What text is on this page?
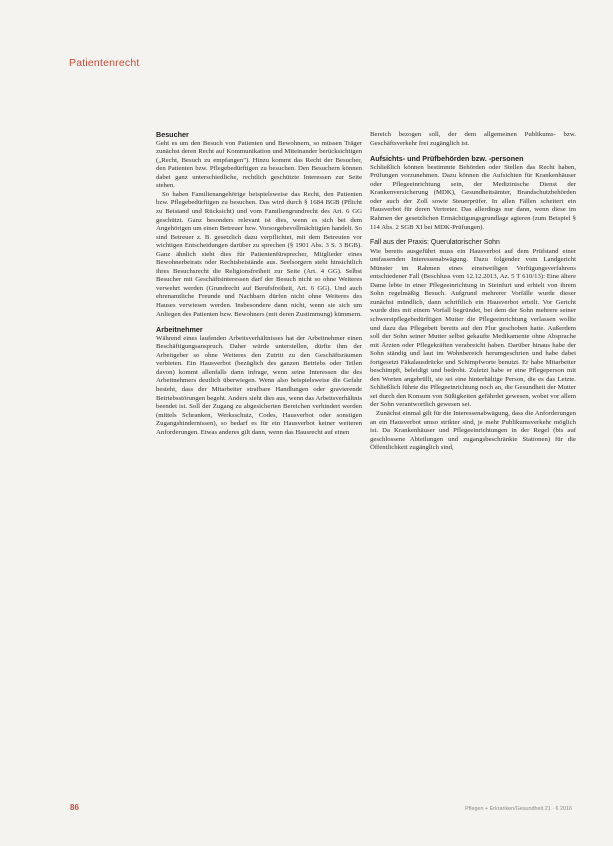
Patientenrecht
Besucher

Geht es um den Besuch von Patienten und Bewohnern, so müssen Träger zunächst deren Recht auf Kommunikation und Miteinander berücksichtigen („Recht, Besuch zu empfangen"). Hinzu kommt das Recht der Besucher, den Patienten bzw. Pflegebedürftigen zu besuchen. Den Besuchern können dabei ganz unterschiedliche, rechtlich geschützte Interessen zur Seite stehen.

So haben Familienangehörige beispielsweise das Recht, den Patienten bzw. Pflegebedürftigen zu besuchen. Das wird durch § 1684 BGB (Pflicht zu Beistand und Rücksicht) und vom Familiengrundrecht des Art. 6 GG geschützt. Ganz besonders relevant ist dies, wenn es sich bei dem Angehörigen um einen Betreuer bzw. Vorsorgebevollmächtigten handelt. So sind Betreuer z. B. gesetzlich dazu verpflichtet, mit dem Betreuten vor wichtigen Entscheidungen darüber zu sprechen (§ 1901 Abs. 3 S. 3 BGB). Ganz ähnlich sieht dies für Patientenfürsprecher, Mitglieder eines Bewohnerbeirats oder Rechtsbeistände aus. Seelsorgern steht hinsichtlich ihres Besuchsrecht die Religionsfreiheit zur Seite (Art. 4 GG). Selbst Besucher mit Geschäftsinteressen darf der Besuch nicht so ohne Weiteres verwehrt werden (Grundrecht auf Berufsfreiheit, Art. 6 GG). Und auch ehrenamtliche Freunde und Nachbarn dürfen nicht ohne Weiteres des Hauses verwiesen werden. Insbesondere dann nicht, wenn sie sich um Anliegen des Patienten bzw. Bewohners (mit deren Zustimmung) kümmern.

Arbeitnehmer

Während eines laufenden Arbeitsverhältnisses hat der Arbeitnehmer einen Beschäftigungsanspruch. Daher würde unterstellen, dürfte ihm der Arbeitgeber so ohne Weiteres den Zutritt zu den Geschäftsräumen verbieten. Ein Hausverbot (bezüglich des ganzen Betriebs oder Teilen davon) kommt allenfalls dann infrage, wenn seine Interessen die des Arbeitnehmers deutlich überwiegen. Wenn also beispielsweise die Gefahr besteht, dass der Mitarbeiter strafbare Handlungen oder gravierende Betriebsstörungen begeht. Anders sieht dies aus, wenn das Arbeitsverhältnis beendet ist. Soll der Zugang zu abgesicherten Bereichen verhindert werden (mittels Schranken, Werksschutz, Codes, Hausverbot oder sonstigen Zugangshindernissen), so bedarf es für ein Hausverbot keiner weiteren Anforderungen. Etwas anderes gilt dann, wenn das Hausrecht auf einen

Bereich bezogen soll, der dem allgemeinen Publikums- bzw. Geschäftsverkehr frei zugänglich ist.

Aufsichts- und Prüfbehörden bzw. -personen

Schließlich können bestimmte Behörden oder Stellen das Recht haben, Prüfungen vorzunehmen. Dazu können die Aufsichten für Krankenhäuser oder Pflegeeinrichtung sein, der Medizinische Dienst der Krankenversicherung (MDK), Gesundheitsämter, Brandschutzbehörden oder auch der Zoll sowie Steuerprüfer. In allen Fällen scheitert ein Hausverbot für deren Vertreter. Das allerdings nur dann, wenn diese im Rahmen der gesetzlichen Ermächtigungsgrundlage agieren (zum Beispiel § 114 Abs. 2 SGB XI bei MDK-Prüfungen).

Fall aus der Praxis: Querulatorischer Sohn

Wie bereits ausgeführt muss ein Hausverbot auf dem Prüfstand einer umfassenden Interessenabwägung. Dazu folgender vom Landgericht Münster im Rahmen eines einstweiligen Verfügungsverfahrens entschiedener Fall (Beschluss vom 12.12.2013, Az. 5 T 610/13): Eine ältere Dame lebte in einer Pflegeeinrichtung in Steinfurt und erhielt von ihrem Sohn regelmäßig Besuch. Aufgrund mehrerer Vorfälle wurde dieser zunächst mündlich, dann schriftlich ein Hausverbot erteilt. Vor Gericht wurde dies mit einem Vorfall begründet, bei dem der Sohn mehrere seiner schwerstpflegebedürftigen Mutter die Pflegeeinrichtung verlassen wollte und dazu das Pflegebett bereits auf den Flur geschoben hatte. Außerdem soll der Sohn seiner Mutter selbst gekaufte Medikamente ohne Absprache mit Ärzten oder Pflegekräften verabreicht haben. Darüber hinaus habe der Sohn ständig und laut im Wohnbereich herumgeschrien und habe dabei fortgesetzt Fäkalausdrücke und Schimpfworte benutzt. Er habe Mitarbeiter beschimpft, beleidigt und bedroht. Zuletzt habe er eine Pflegeperson mit den Worten angebrüllt, sie sei eine hinterhältige Person, die es das Letzte. Schließlich führte die Pflegeeinrichtung noch an, die Gesundheit der Mutter sei durch den Konsum von Süßigkeiten gefährdet gewesen, wobei vor allem der Sohn verantwortlich gewesen sei.

Zunächst einmal gilt für die Interessenabwägung, dass die Anforderungen an ein Hausverbot umso strikter sind, je mehr Publikumsverkehr möglich ist. Da Krankenhäuser und Pflegeeinrichtungen in der Regel (bis auf geschlossene Abteilungen und zugangsbeschränkte Stationen) für die Öffentlichkeit zugänglich sind,

86	Pflegen + Erkranken/Gesundheit 21 · 6 2016
